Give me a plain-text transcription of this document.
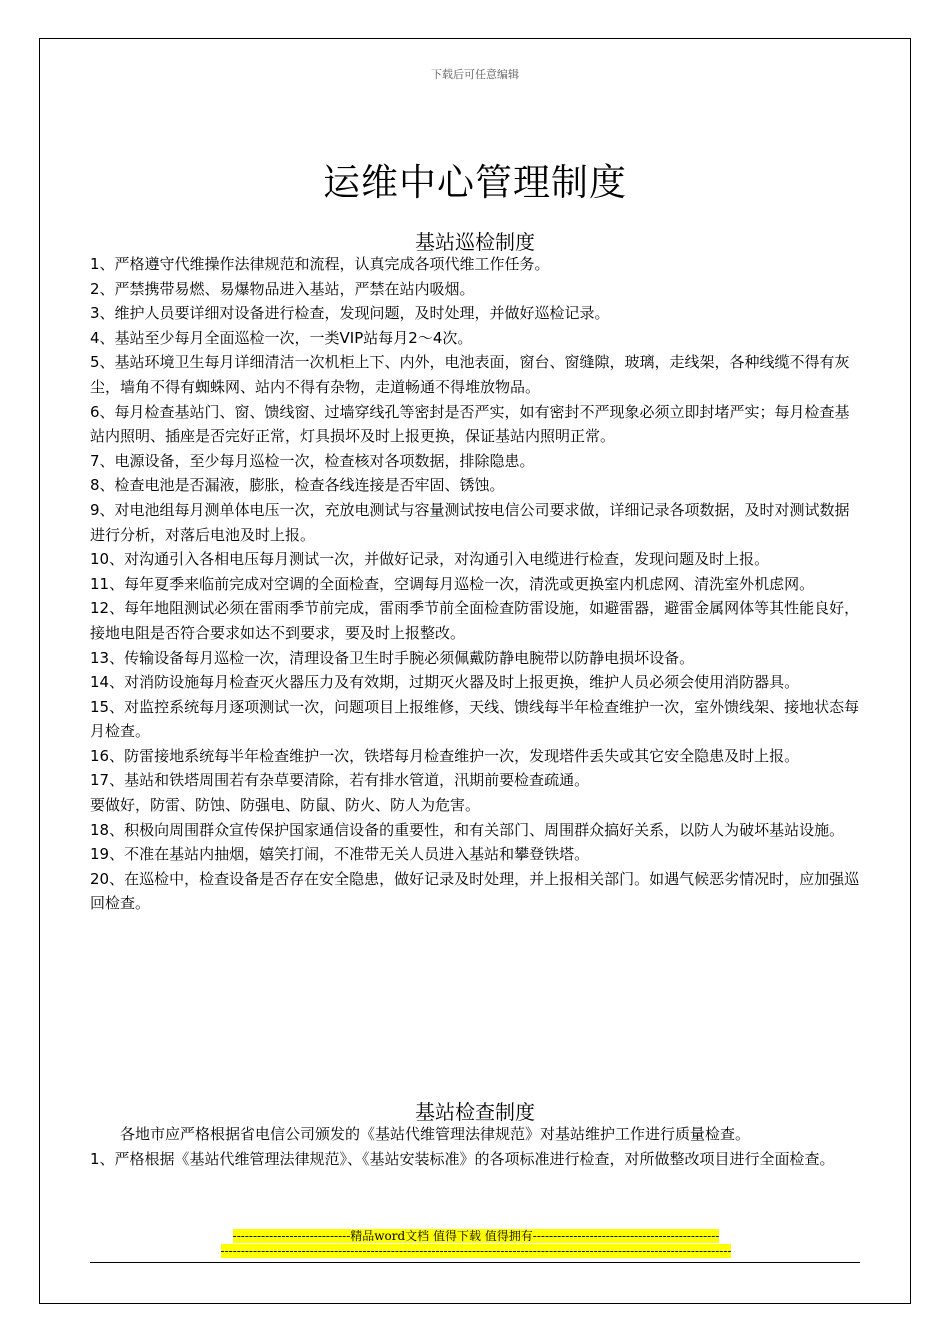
下载后可任意编辑
运维中心管理制度
基站巡检制度
1、严格遵守代维操作法律规范和流程，认真完成各项代维工作任务。
2、严禁携带易燃、易爆物品进入基站，严禁在站内吸烟。
3、维护人员要详细对设备进行检查，发现问题，及时处理，并做好巡检记录。
4、基站至少每月全面巡检一次，一类VIP站每月2～4次。
5、基站环境卫生每月详细清洁一次机柜上下、内外，电池表面，窗台、窗缝隙，玻璃，走线架，各种线缆不得有灰尘，墙角不得有蜘蛛网、站内不得有杂物，走道畅通不得堆放物品。
6、每月检查基站门、窗、馈线窗、过墙穿线孔等密封是否严实，如有密封不严现象必须立即封堵严实；每月检查基站内照明、插座是否完好正常，灯具损坏及时上报更换，保证基站内照明正常。
7、电源设备，至少每月巡检一次，检查核对各项数据，排除隐患。
8、检查电池是否漏液，膨胀，检查各线连接是否牢固、锈蚀。
9、对电池组每月测单体电压一次，充放电测试与容量测试按电信公司要求做，详细记录各项数据，及时对测试数据进行分析，对落后电池及时上报。
10、对沟通引入各相电压每月测试一次，并做好记录，对沟通引入电缆进行检查，发现问题及时上报。
11、每年夏季来临前完成对空调的全面检查，空调每月巡检一次，清洗或更换室内机虑网、清洗室外机虑网。
12、每年地阻测试必须在雷雨季节前完成，雷雨季节前全面检查防雷设施，如避雷器，避雷金属网体等其性能良好，接地电阻是否符合要求如达不到要求，要及时上报整改。
13、传输设备每月巡检一次，清理设备卫生时手腕必须佩戴防静电腕带以防静电损坏设备。
14、对消防设施每月检查灭火器压力及有效期，过期灭火器及时上报更换，维护人员必须会使用消防器具。
15、对监控系统每月逐项测试一次，问题项目上报维修，天线、馈线每半年检查维护一次，室外馈线架、接地状态每月检查。
16、防雷接地系统每半年检查维护一次，铁塔每月检查维护一次，发现塔件丢失或其它安全隐患及时上报。
17、基站和铁塔周围若有杂草要清除，若有排水管道，汛期前要检查疏通。
要做好，防雷、防蚀、防强电、防鼠、防火、防人为危害。
18、积极向周围群众宣传保护国家通信设备的重要性，和有关部门、周围群众搞好关系，以防人为破坏基站设施。
19、不准在基站内抽烟，嬉笑打闹，不准带无关人员进入基站和攀登铁塔。
20、在巡检中，检查设备是否存在安全隐患，做好记录及时处理，并上报相关部门。如遇气候恶劣情况时，应加强巡回检查。
基站检查制度

各地市应严格根据省电信公司颁发的《基站代维管理法律规范》对基站维护工作进行质量检查。

1、严格根据《基站代维管理法律规范》、《基站安装标准》的各项标准进行检查，对所做整改项目进行全面检查。
-----------------------------精品word文档 值得下载 值得拥有----------------------------------------------
------------------------------------------------------------------------------------------------------------------------------
